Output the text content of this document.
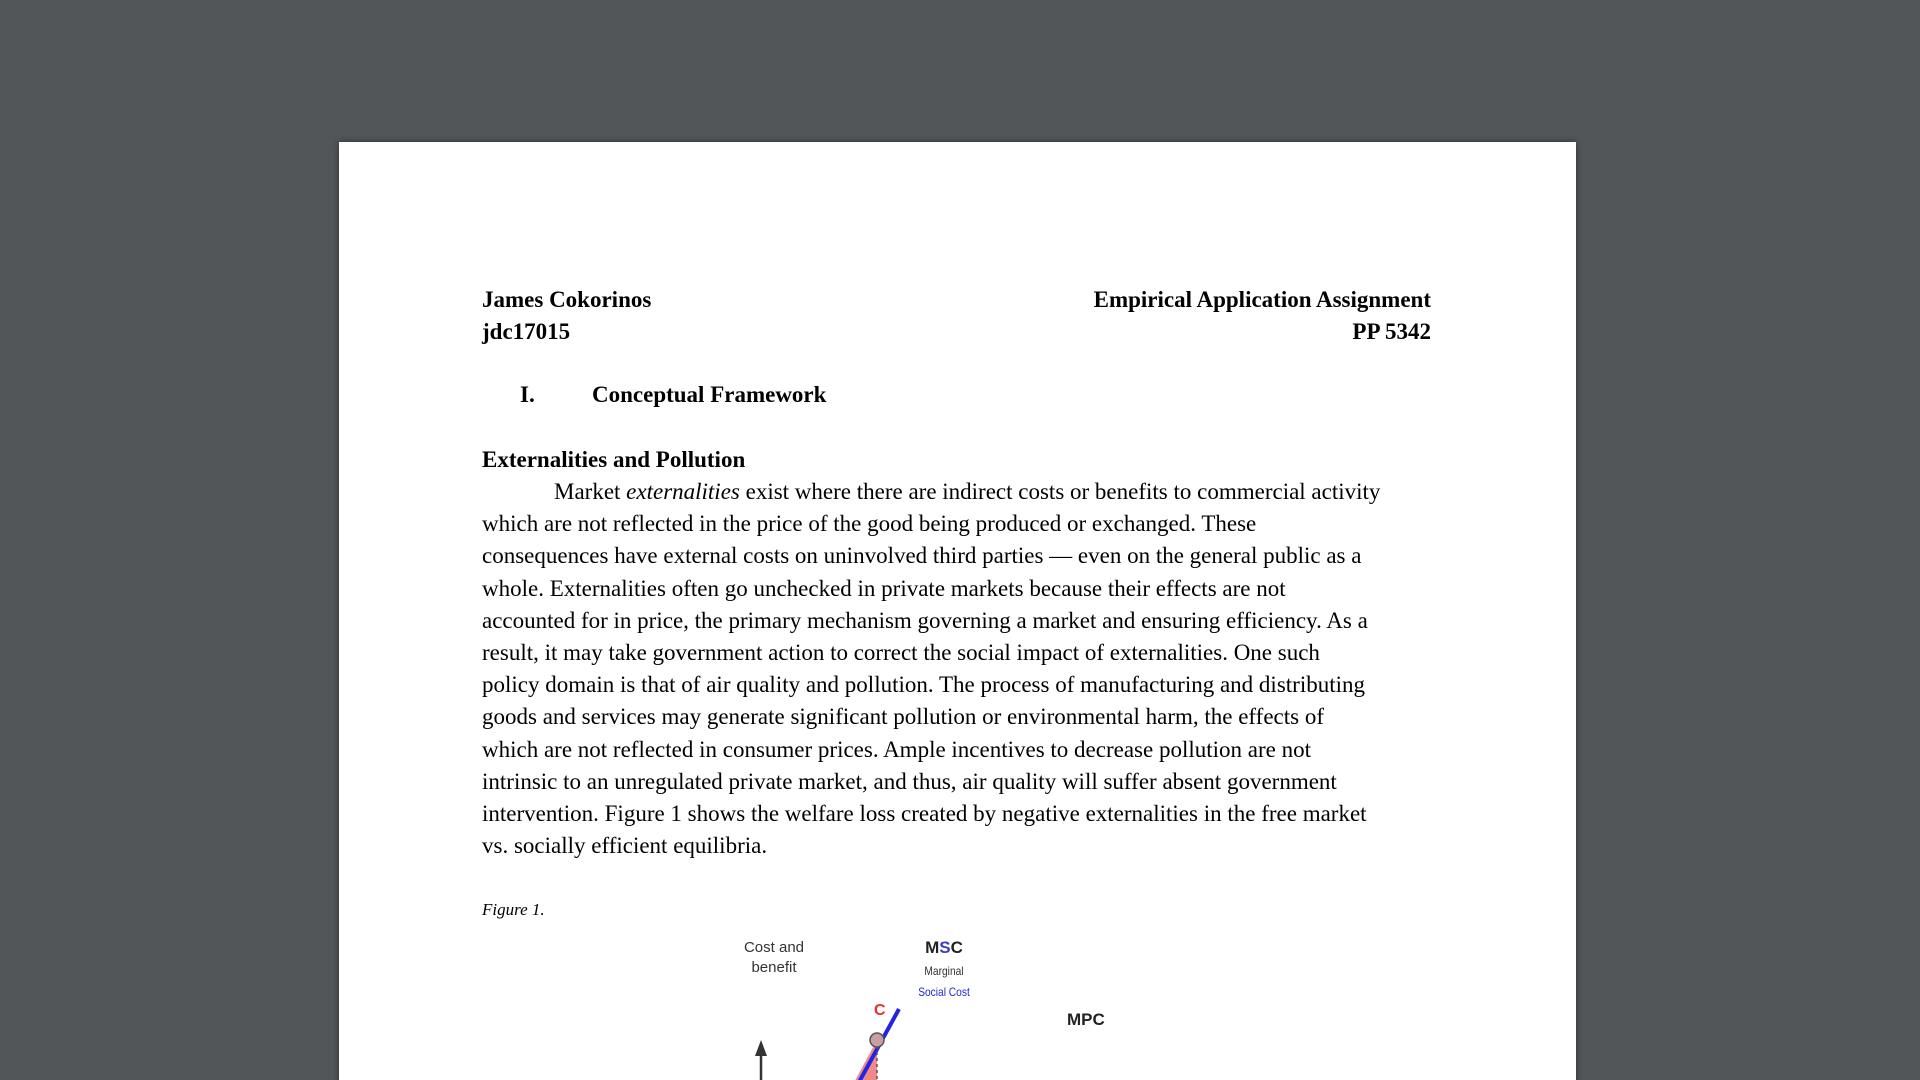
James Cokorinos
jdc17015
Empirical Application Assignment
PP 5342
I. Conceptual Framework
Externalities and Pollution
Market externalities exist where there are indirect costs or benefits to commercial activity
which are not reflected in the price of the good being produced or exchanged. These
consequences have external costs on uninvolved third parties — even on the general public as a
whole. Externalities often go unchecked in private markets because their effects are not
accounted for in price, the primary mechanism governing a market and ensuring efficiency. As a
result, it may take government action to correct the social impact of externalities. One such
policy domain is that of air quality and pollution. The process of manufacturing and distributing
goods and services may generate significant pollution or environmental harm, the effects of
which are not reflected in consumer prices. Ample incentives to decrease pollution are not
intrinsic to an unregulated private market, and thus, air quality will suffer absent government
intervention. Figure 1 shows the welfare loss created by negative externalities in the free market
vs. socially efficient equilibria.
Figure 1.
Cost and
benefit
MSC
Marginal
Social Cost
C	MPC
